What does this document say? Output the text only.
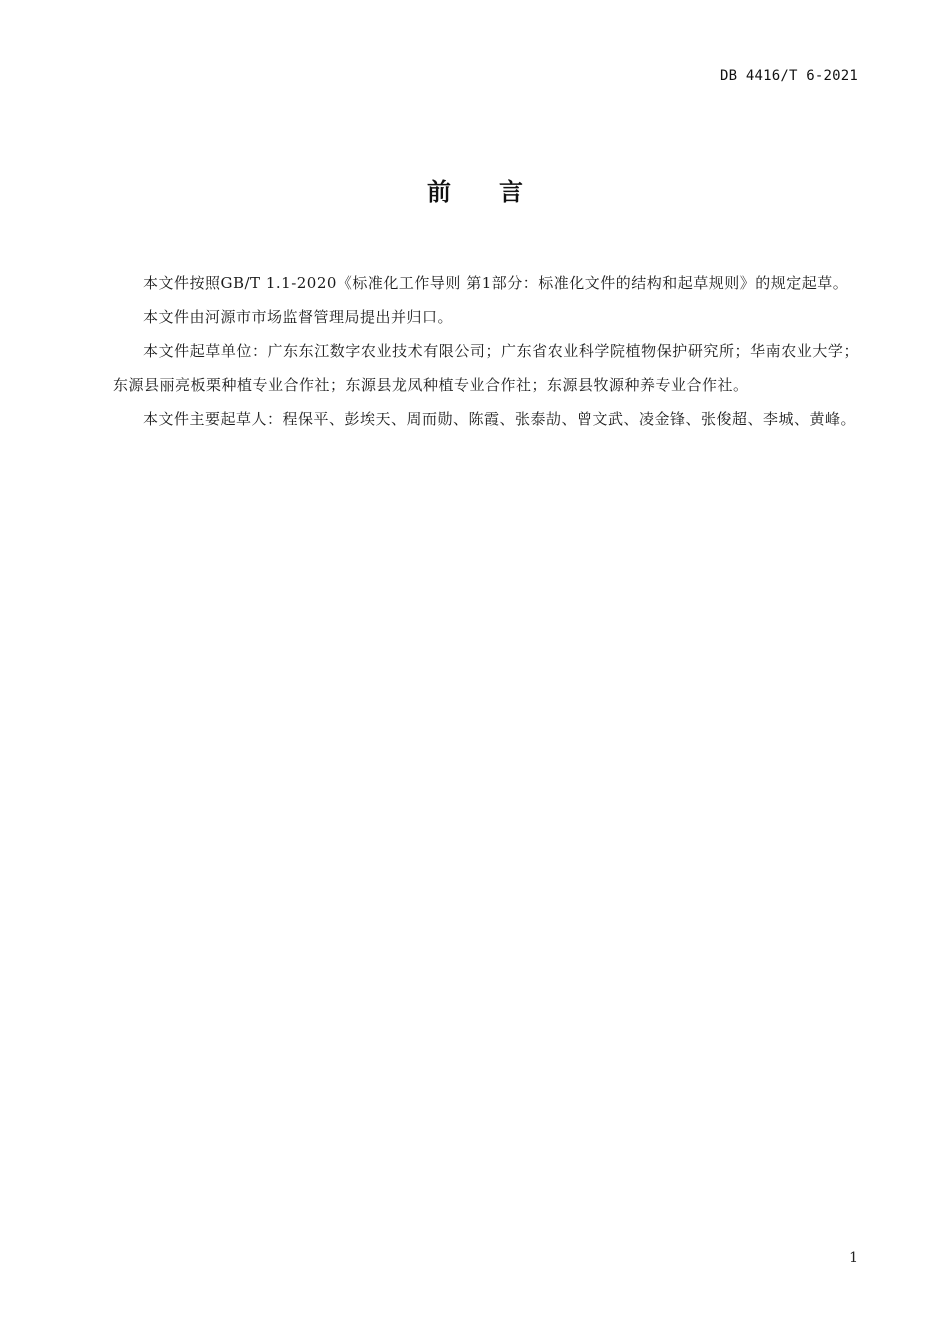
DB 4416/T 6-2021
前 言

本文件按照GB/T 1.1-2020《标准化工作导则 第1部分：标准化文件的结构和起草规则》的规定起草。

本文件由河源市市场监督管理局提出并归口。

本文件起草单位：广东东江数字农业技术有限公司；广东省农业科学院植物保护研究所；华南农业大学；东源县丽亮板栗种植专业合作社；东源县龙凤种植专业合作社；东源县牧源种养专业合作社。

本文件主要起草人：程保平、彭埃天、周而勋、陈霞、张泰劼、曾文武、凌金锋、张俊超、李城、黄峰。

1
